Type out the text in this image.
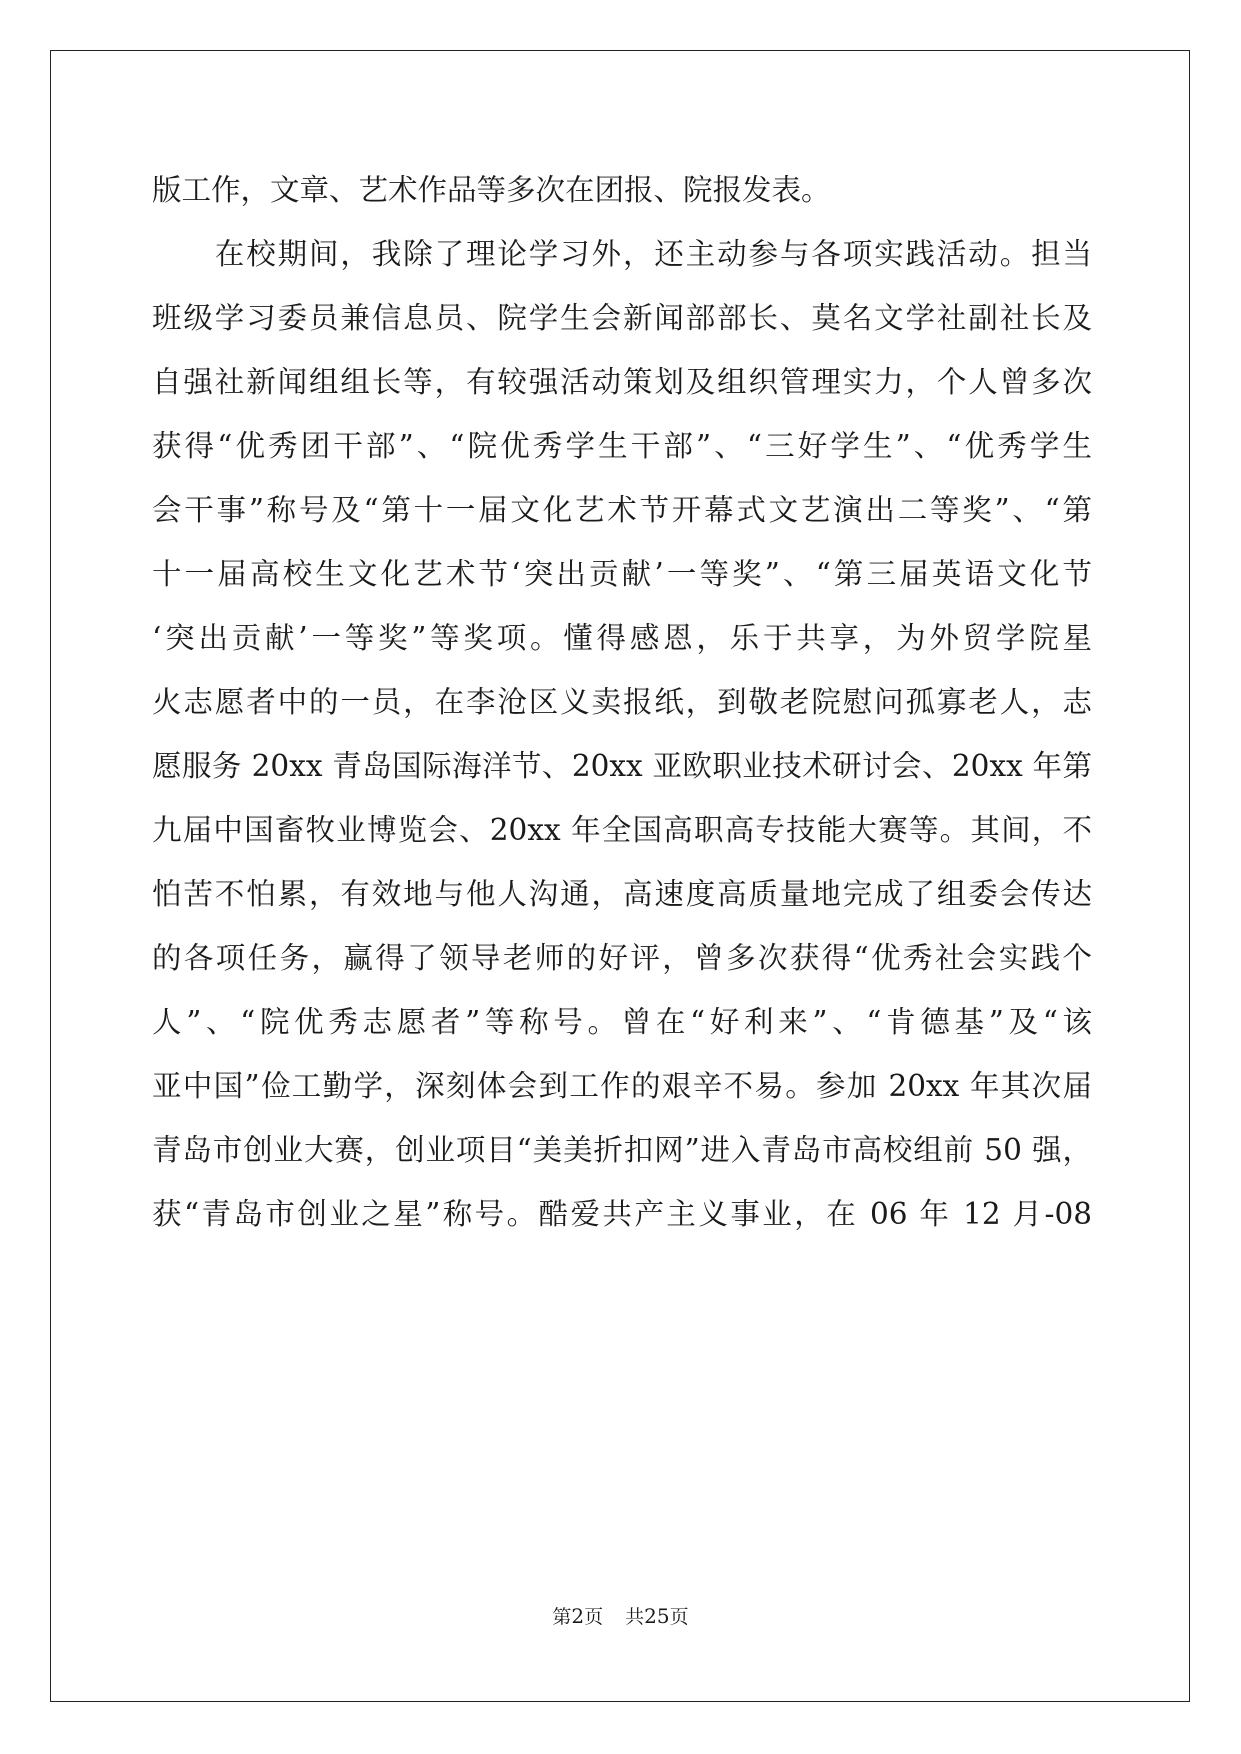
版工作，文章、艺术作品等多次在团报、院报发表。
　　在校期间，我除了理论学习外，还主动参与各项实践活动。担当
班级学习委员兼信息员、院学生会新闻部部长、莫名文学社副社长及
自强社新闻组组长等，有较强活动策划及组织管理实力，个人曾多次
获得“优秀团干部”、“院优秀学生干部”、“三好学生”、“优秀学生
会干事”称号及“第十一届文化艺术节开幕式文艺演出二等奖”、“第
十一届高校生文化艺术节‘突出贡献’一等奖”、“第三届英语文化节
‘突出贡献’一等奖”等奖项。懂得感恩，乐于共享，为外贸学院星
火志愿者中的一员，在李沧区义卖报纸，到敬老院慰问孤寡老人，志
愿服务 20xx 青岛国际海洋节、20xx 亚欧职业技术研讨会、20xx 年第
九届中国畜牧业博览会、20xx 年全国高职高专技能大赛等。其间，不
怕苦不怕累，有效地与他人沟通，高速度高质量地完成了组委会传达
的各项任务，赢得了领导老师的好评，曾多次获得“优秀社会实践个
人”、“院优秀志愿者”等称号。曾在“好利来”、“肯德基”及“该
亚中国”俭工勤学，深刻体会到工作的艰辛不易。参加 20xx 年其次届
青岛市创业大赛，创业项目“美美折扣网”进入青岛市高校组前 50 强，
获“青岛市创业之星”称号。酷爱共产主义事业，在 06 年 12 月-08
第2页 共25页
